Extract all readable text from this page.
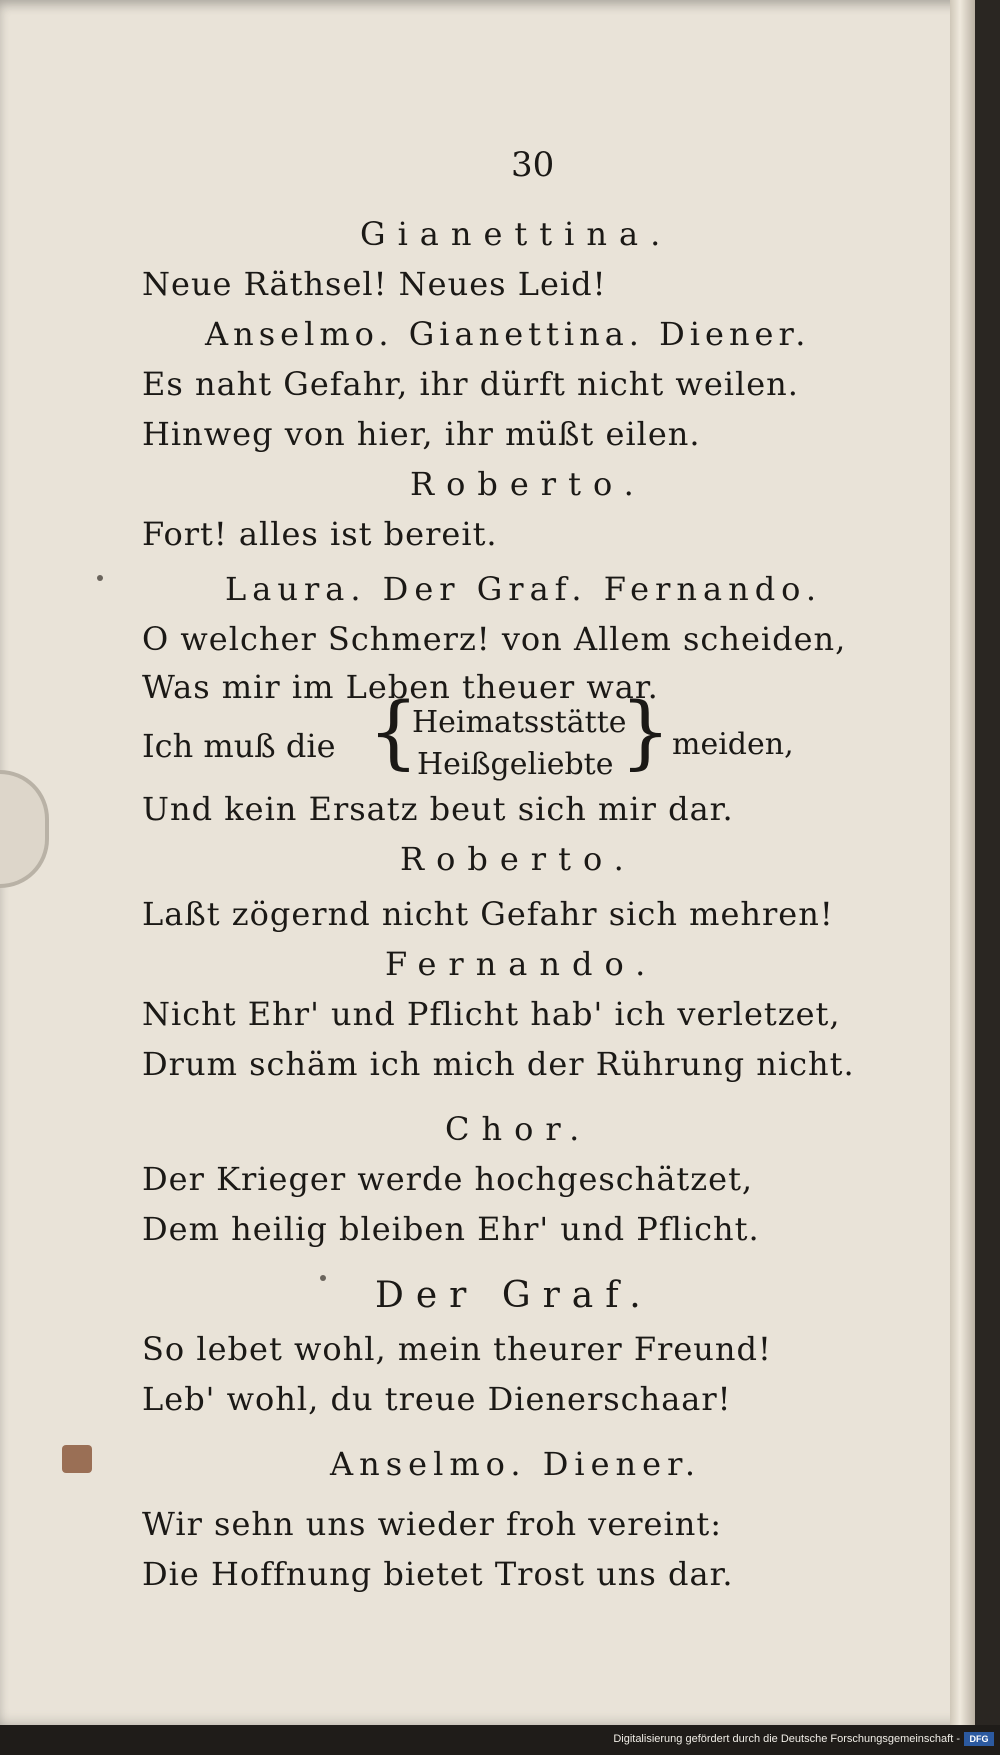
30
Gianettina.
Neue Räthsel! Neues Leid!
Anselmo. Gianettina. Diener.
Es naht Gefahr, ihr dürft nicht weilen.
Hinweg von hier, ihr müßt eilen.
Roberto.
Fort! alles ist bereit.
Laura. Der Graf. Fernando.
O welcher Schmerz! von Allem scheiden,
Was mir im Leben theuer war.
Ich muß die {
Heimatsstätte
Heißgeliebte } meiden,
Und kein Ersatz beut sich mir dar.
Roberto.
Laßt zögernd nicht Gefahr sich mehren!
Fernando.
Nicht Ehr' und Pflicht hab' ich verletzet,
Drum schäm ich mich der Rührung nicht.
Chor.
Der Krieger werde hochgeschätzet,
Dem heilig bleiben Ehr' und Pflicht.
Der Graf.
So lebet wohl, mein theurer Freund!
Leb' wohl, du treue Dienerschaar!
Anselmo. Diener.
Wir sehn uns wieder froh vereint:
Die Hoffnung bietet Trost uns dar.
Digitalisierung gefördert durch die Deutsche Forschungsgemeinschaft -	DFG
